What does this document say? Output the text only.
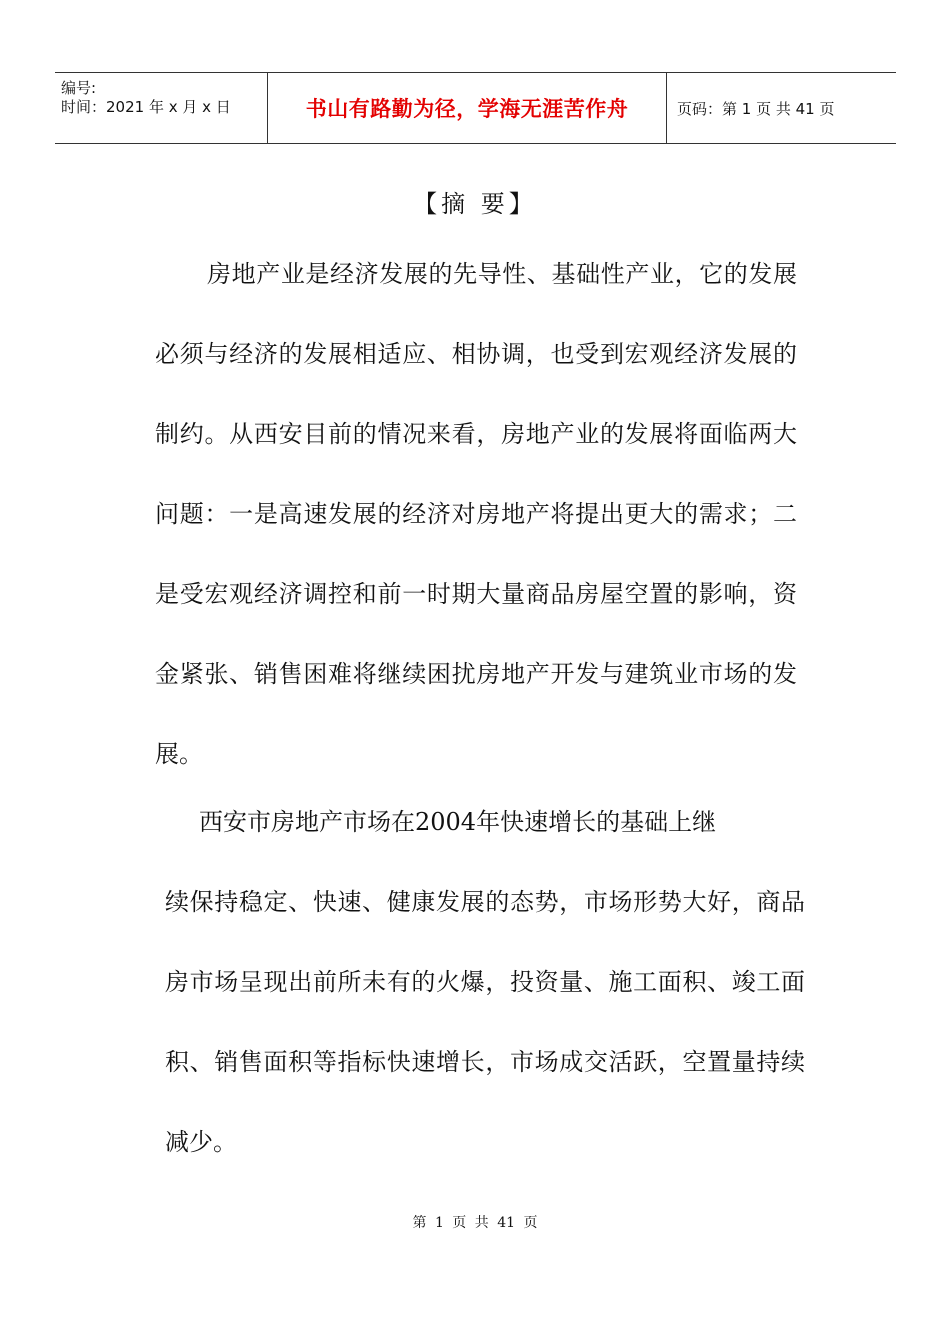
编号:
时间：2021 年 x 月 x 日	书山有路勤为径，学海无涯苦作舟	页码：第 1 页 共 41 页
【摘 要】
房地产业是经济发展的先导性、基础性产业，它的发展必须与经济的发展相适应、相协调，也受到宏观经济发展的制约。从西安目前的情况来看，房地产业的发展将面临两大问题：一是高速发展的经济对房地产将提出更大的需求；二是受宏观经济调控和前一时期大量商品房屋空置的影响，资金紧张、销售困难将继续困扰房地产开发与建筑业市场的发展。
西安市房地产市场在2004年快速增长的基础上继
续保持稳定、快速、健康发展的态势，市场形势大好，商品房市场呈现出前所未有的火爆，投资量、施工面积、竣工面积、销售面积等指标快速增长，市场成交活跃，空置量持续减少。
第 1 页 共 41 页
